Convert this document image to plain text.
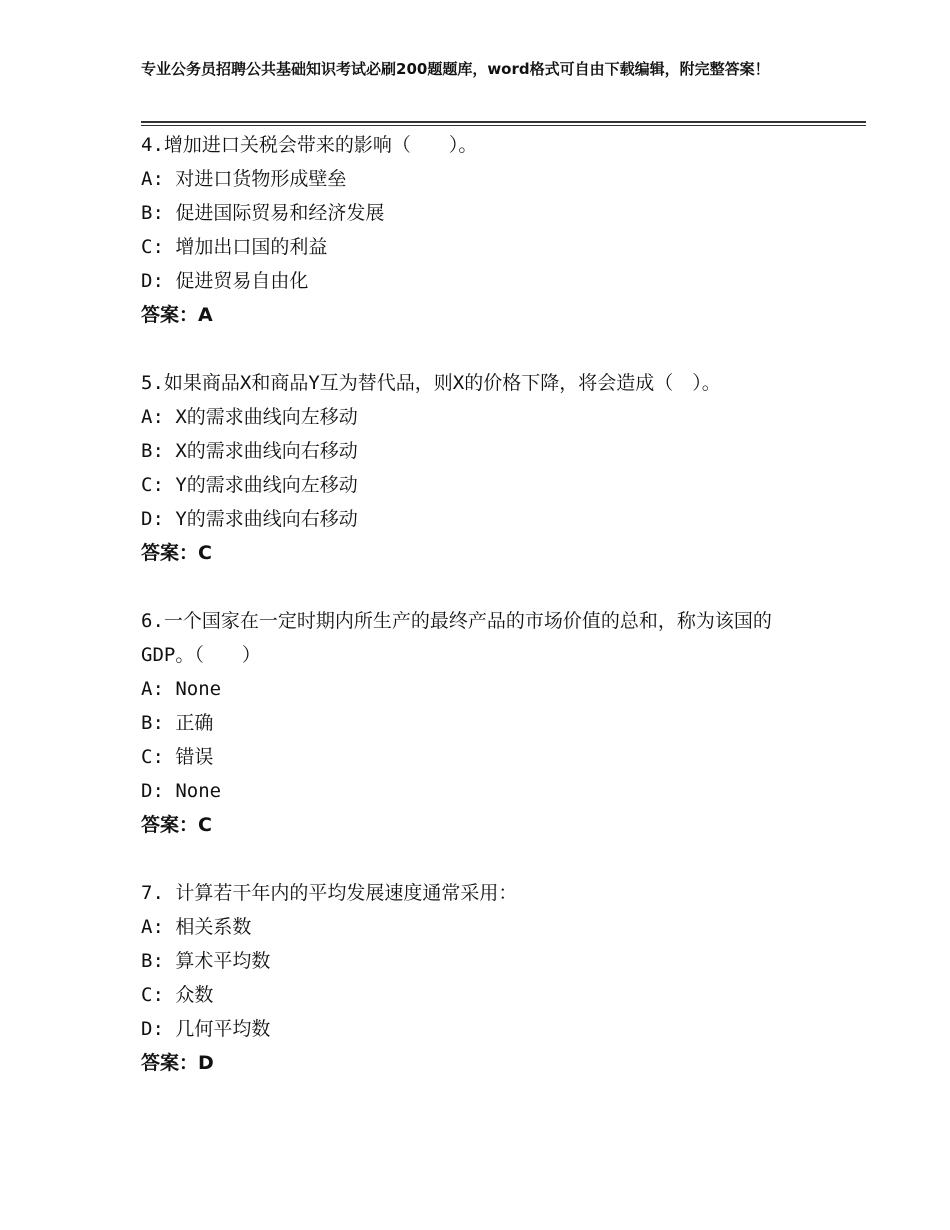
专业公务员招聘公共基础知识考试必刷200题题库，word格式可自由下载编辑，附完整答案！
4.增加进口关税会带来的影响（　　）。
A: 对进口货物形成壁垒
B: 促进国际贸易和经济发展
C: 增加出口国的利益
D: 促进贸易自由化
答案：A
5.如果商品X和商品Y互为替代品，则X的价格下降，将会造成（　）。
A: X的需求曲线向左移动
B: X的需求曲线向右移动
C: Y的需求曲线向左移动
D: Y的需求曲线向右移动
答案：C
6.一个国家在一定时期内所生产的最终产品的市场价值的总和，称为该国的GDP。（　　）
A: None
B: 正确
C: 错误
D: None
答案：C
7. 计算若干年内的平均发展速度通常采用：
A: 相关系数
B: 算术平均数
C: 众数
D: 几何平均数
答案：D
